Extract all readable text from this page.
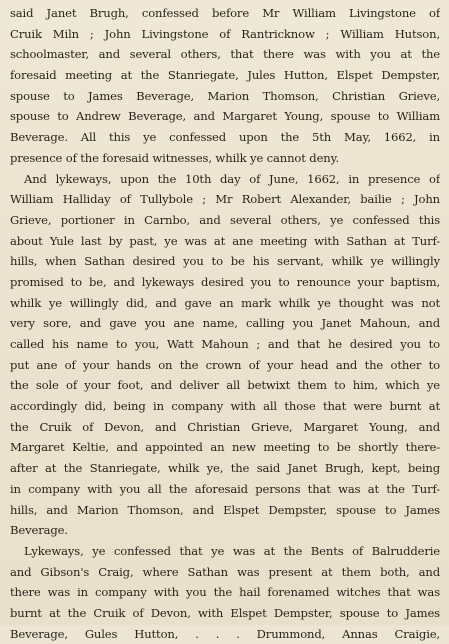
said Janet Brugh, confessed before Mr William Livingstone of
Cruik Miln ; John Livingstone of Rantricknow ; William Hutson,
schoolmaster, and several others, that there was with you at the
foresaid meeting at the Stanriegate, Jules Hutton, Elspet Dempster,
spouse to James Beverage, Marion Thomson, Christian Grieve,
spouse to Andrew Beverage, and Margaret Young, spouse to William
Beverage. All this ye confessed upon the 5th May, 1662, in
presence of the foresaid witnesses, whilk ye cannot deny.
And lykeways, upon the 10th day of June, 1662, in presence of
William Halliday of Tullybole ; Mr Robert Alexander, bailie ; John
Grieve, portioner in Carnbo, and several others, ye confessed this
about Yule last by past, ye was at ane meeting with Sathan at Turf-
hills, when Sathan desired you to be his servant, whilk ye willingly
promised to be, and lykeways desired you to renounce your baptism,
whilk ye willingly did, and gave an mark whilk ye thought was not
very sore, and gave you ane name, calling you Janet Mahoun, and
called his name to you, Watt Mahoun ; and that he desired you to
put ane of your hands on the crown of your head and the other to
the sole of your foot, and deliver all betwixt them to him, which ye
accordingly did, being in company with all those that were burnt at
the Cruik of Devon, and Christian Grieve, Margaret Young, and
Margaret Keltie, and appointed an new meeting to be shortly there-
after at the Stanriegate, whilk ye, the said Janet Brugh, kept, being
in company with you all the aforesaid persons that was at the Turf-
hills, and Marion Thomson, and Elspet Dempster, spouse to James
Beverage.
Lykeways, ye confessed that ye was at the Bents of Balrudderie
and Gibson's Craig, where Sathan was present at them both, and
there was in company with you the hail forenamed witches that was
burnt at the Cruik of Devon, with Elspet Dempster, spouse to James
Beverage, Gules Hutton, . . . Drummond, Annas Craigie,
